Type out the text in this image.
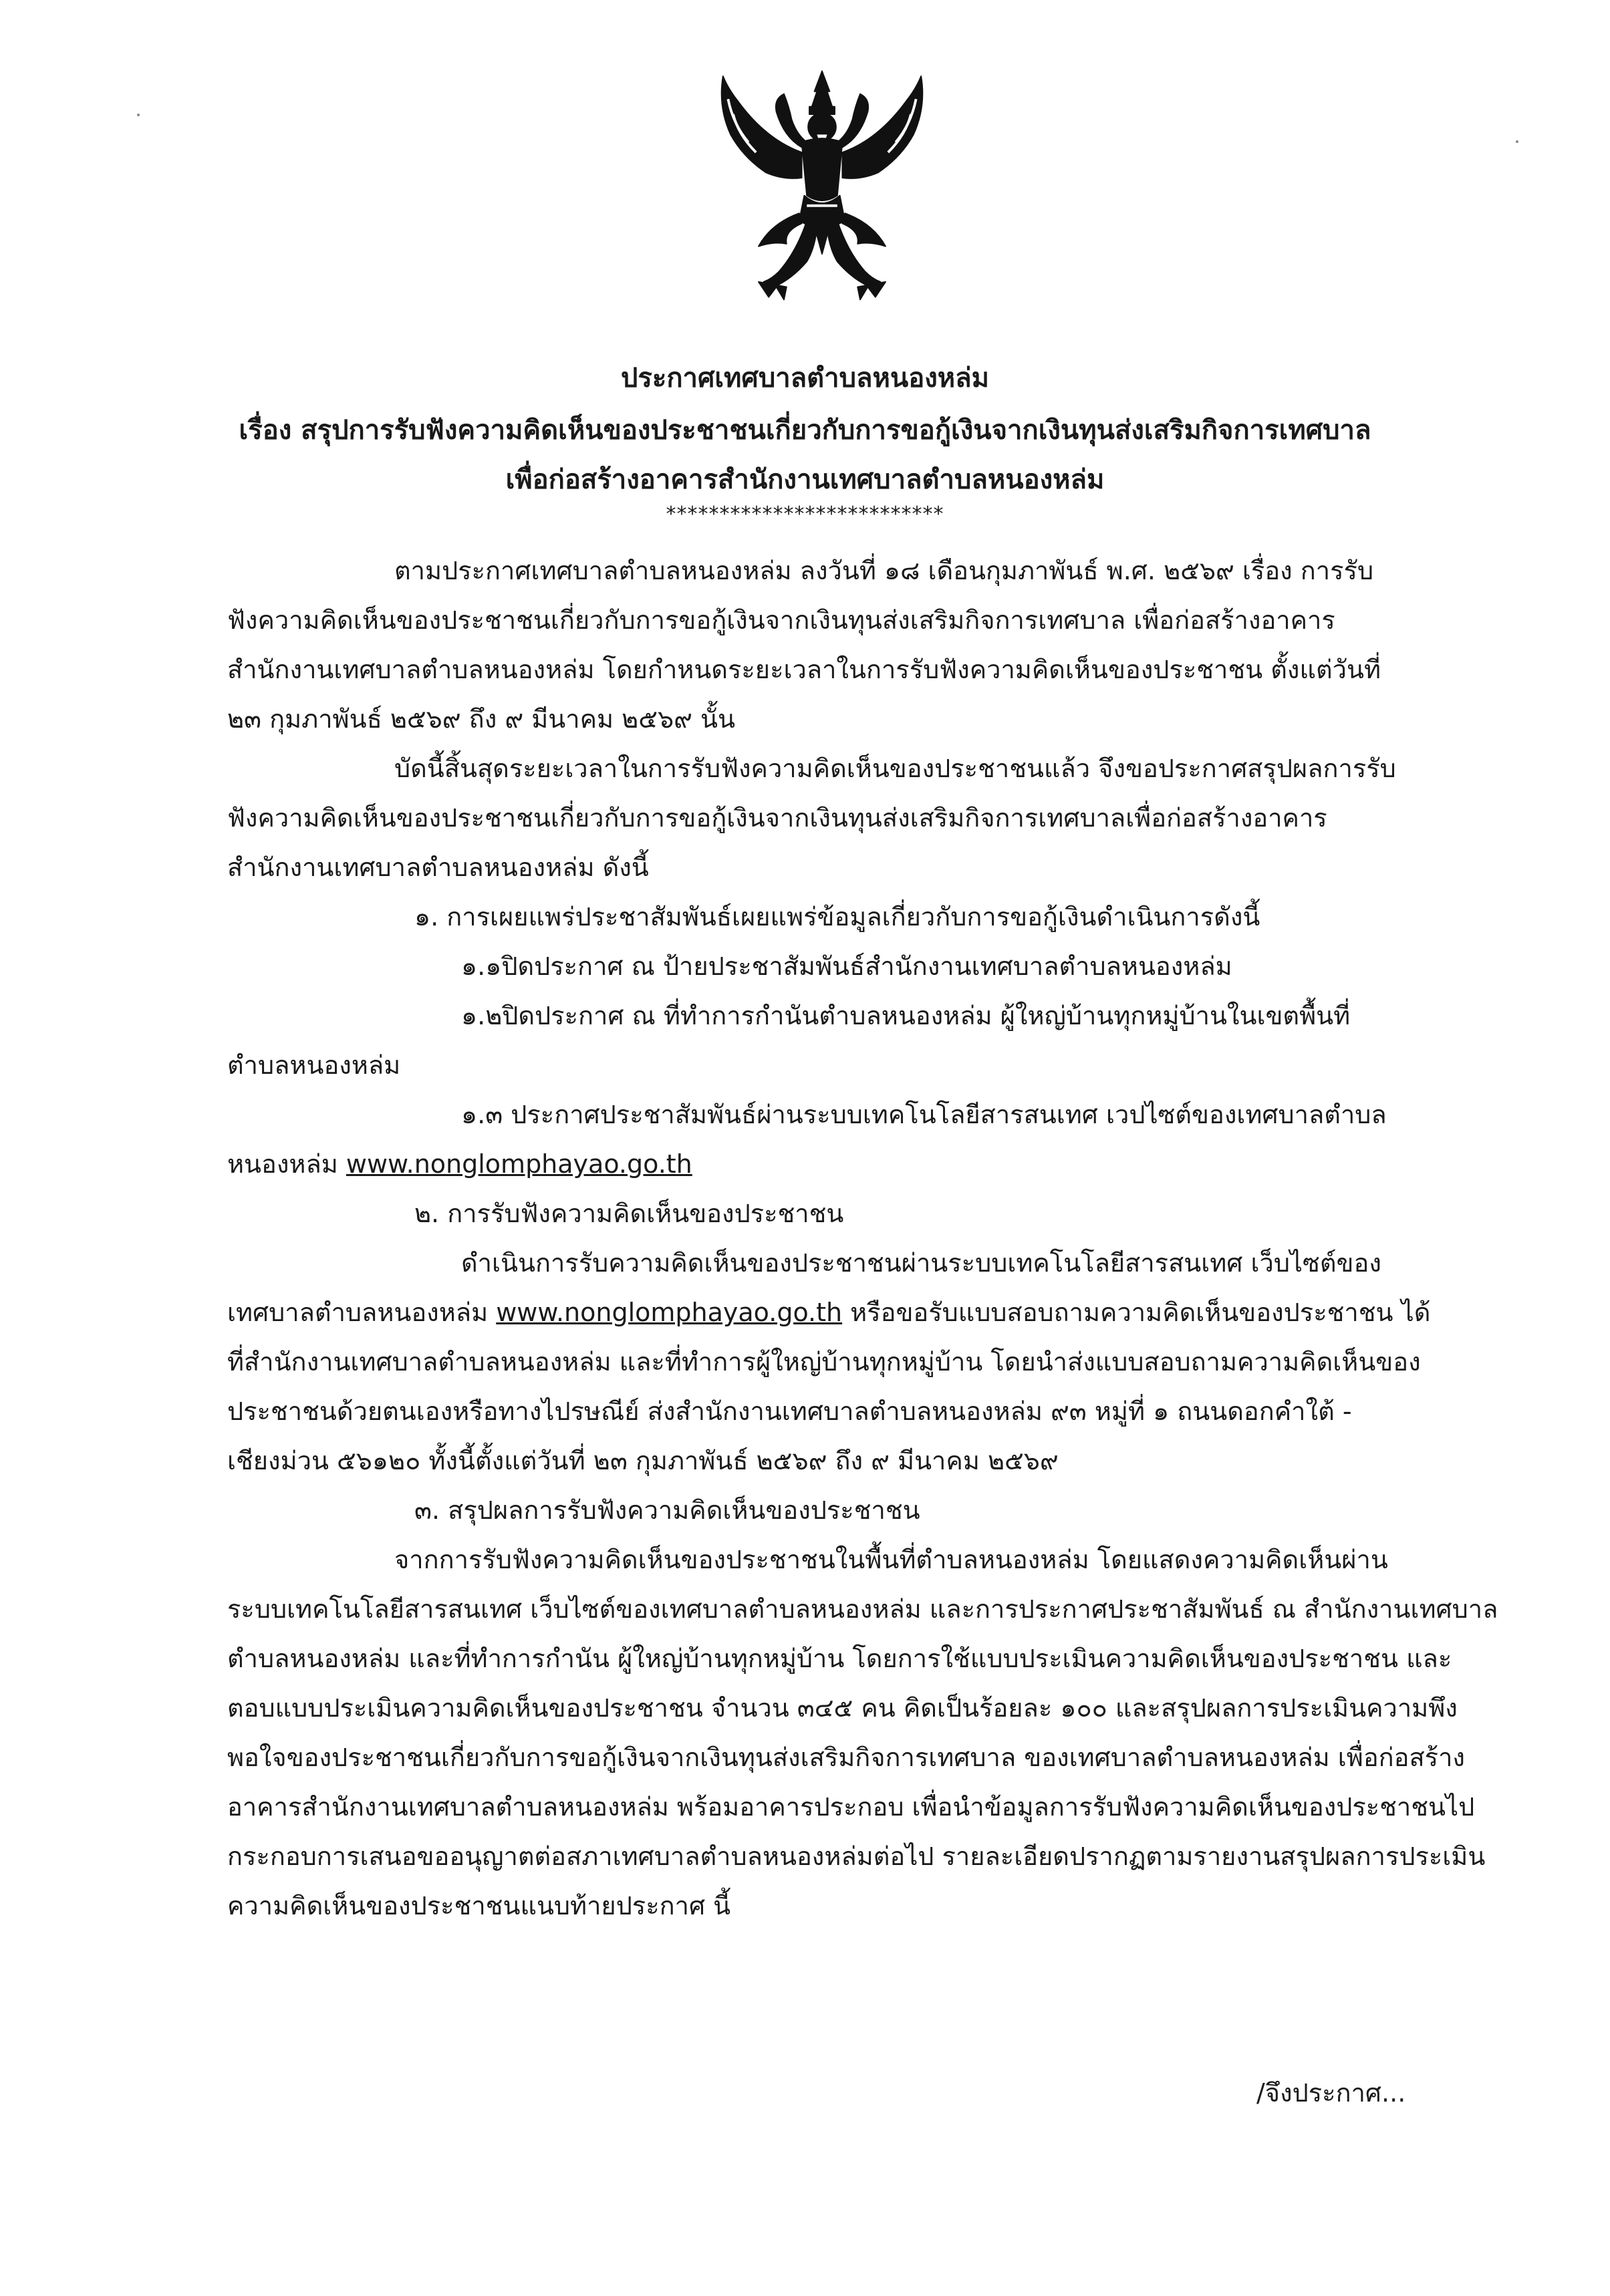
ประกาศเทศบาลตำบลหนองหล่ม
เรื่อง สรุปการรับฟังความคิดเห็นของประชาชนเกี่ยวกับการขอกู้เงินจากเงินทุนส่งเสริมกิจการเทศบาล
เพื่อก่อสร้างอาคารสำนักงานเทศบาลตำบลหนองหล่ม
**************************
ตามประกาศเทศบาลตำบลหนองหล่ม ลงวันที่ ๑๘ เดือนกุมภาพันธ์ พ.ศ. ๒๕๖๙ เรื่อง การรับ
ฟังความคิดเห็นของประชาชนเกี่ยวกับการขอกู้เงินจากเงินทุนส่งเสริมกิจการเทศบาล เพื่อก่อสร้างอาคาร
สำนักงานเทศบาลตำบลหนองหล่ม โดยกำหนดระยะเวลาในการรับฟังความคิดเห็นของประชาชน ตั้งแต่วันที่
๒๓ กุมภาพันธ์ ๒๕๖๙ ถึง ๙ มีนาคม ๒๕๖๙ นั้น
บัดนี้สิ้นสุดระยะเวลาในการรับฟังความคิดเห็นของประชาชนแล้ว จึงขอประกาศสรุปผลการรับ
ฟังความคิดเห็นของประชาชนเกี่ยวกับการขอกู้เงินจากเงินทุนส่งเสริมกิจการเทศบาลเพื่อก่อสร้างอาคาร
สำนักงานเทศบาลตำบลหนองหล่ม ดังนี้
๑. การเผยแพร่ประชาสัมพันธ์เผยแพร่ข้อมูลเกี่ยวกับการขอกู้เงินดำเนินการดังนี้
๑.๑ปิดประกาศ ณ ป้ายประชาสัมพันธ์สำนักงานเทศบาลตำบลหนองหล่ม
๑.๒ปิดประกาศ ณ ที่ทำการกำนันตำบลหนองหล่ม ผู้ใหญ่บ้านทุกหมู่บ้านในเขตพื้นที่
ตำบลหนองหล่ม
๑.๓ ประกาศประชาสัมพันธ์ผ่านระบบเทคโนโลยีสารสนเทศ เวปไซต์ของเทศบาลตำบล
หนองหล่ม www.nonglomphayao.go.th
๒. การรับฟังความคิดเห็นของประชาชน
ดำเนินการรับความคิดเห็นของประชาชนผ่านระบบเทคโนโลยีสารสนเทศ เว็บไซต์ของ
เทศบาลตำบลหนองหล่ม www.nonglomphayao.go.th หรือขอรับแบบสอบถามความคิดเห็นของประชาชน ได้
ที่สำนักงานเทศบาลตำบลหนองหล่ม และที่ทำการผู้ใหญ่บ้านทุกหมู่บ้าน โดยนำส่งแบบสอบถามความคิดเห็นของ
ประชาชนด้วยตนเองหรือทางไปรษณีย์ ส่งสำนักงานเทศบาลตำบลหนองหล่ม ๙๓ หมู่ที่ ๑ ถนนดอกคำใต้ -
เชียงม่วน ๕๖๑๒๐ ทั้งนี้ตั้งแต่วันที่ ๒๓ กุมภาพันธ์ ๒๕๖๙ ถึง ๙ มีนาคม ๒๕๖๙
๓. สรุปผลการรับฟังความคิดเห็นของประชาชน
จากการรับฟังความคิดเห็นของประชาชนในพื้นที่ตำบลหนองหล่ม โดยแสดงความคิดเห็นผ่าน
ระบบเทคโนโลยีสารสนเทศ เว็บไซต์ของเทศบาลตำบลหนองหล่ม และการประกาศประชาสัมพันธ์ ณ สำนักงานเทศบาล
ตำบลหนองหล่ม และที่ทำการกำนัน ผู้ใหญ่บ้านทุกหมู่บ้าน โดยการใช้แบบประเมินความคิดเห็นของประชาชน และ
ตอบแบบประเมินความคิดเห็นของประชาชน จำนวน ๓๔๕ คน คิดเป็นร้อยละ ๑๐๐ และสรุปผลการประเมินความพึง
พอใจของประชาชนเกี่ยวกับการขอกู้เงินจากเงินทุนส่งเสริมกิจการเทศบาล ของเทศบาลตำบลหนองหล่ม เพื่อก่อสร้าง
อาคารสำนักงานเทศบาลตำบลหนองหล่ม พร้อมอาคารประกอบ เพื่อนำข้อมูลการรับฟังความคิดเห็นของประชาชนไป
กระกอบการเสนอขออนุญาตต่อสภาเทศบาลตำบลหนองหล่มต่อไป รายละเอียดปรากฏตามรายงานสรุปผลการประเมิน
ความคิดเห็นของประชาชนแนบท้ายประกาศ นี้
/จึงประกาศ...
